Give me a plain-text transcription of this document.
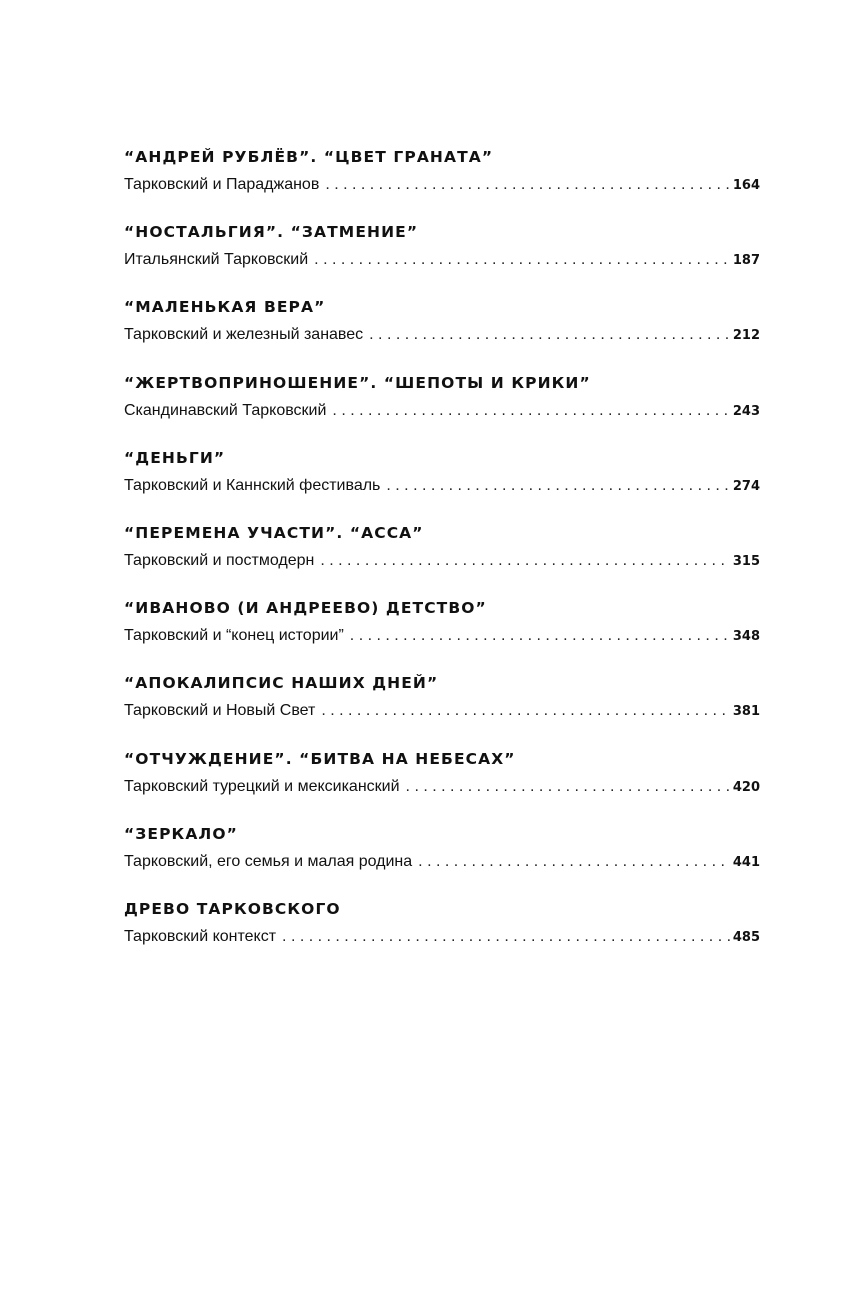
“АНДРЕЙ РУБЛЁВ”. “ЦВЕТ ГРАНАТА”
Тарковский и Параджанов . . .	164
“НОСТАЛЬГИЯ”. “ЗАТМЕНИЕ”
Итальянский Тарковский . . .	187
“МАЛЕНЬКАЯ ВЕРА”
Тарковский и железный занавес . . .	212
“ЖЕРТВОПРИНОШЕНИЕ”. “ШЕПОТЫ И КРИКИ”
Скандинавский Тарковский . . .	243
“ДЕНЬГИ”
Тарковский и Каннский фестиваль . . .	274
“ПЕРЕМЕНА УЧАСТИ”. “АССА”
Тарковский и постмодерн . . .	315
“ИВАНОВО (И АНДРЕЕВО) ДЕТСТВО”
Тарковский и “конец истории” . . .	348
“АПОКАЛИПСИС НАШИХ ДНЕЙ”
Тарковский и Новый Свет . . .	381
“ОТЧУЖДЕНИЕ”. “БИТВА НА НЕБЕСАХ”
Тарковский турецкий и мексиканский . . .	420
“ЗЕРКАЛО”
Тарковский, его семья и малая родина . . .	441
ДРЕВО ТАРКОВСКОГО
Тарковский контекст . . .	485
